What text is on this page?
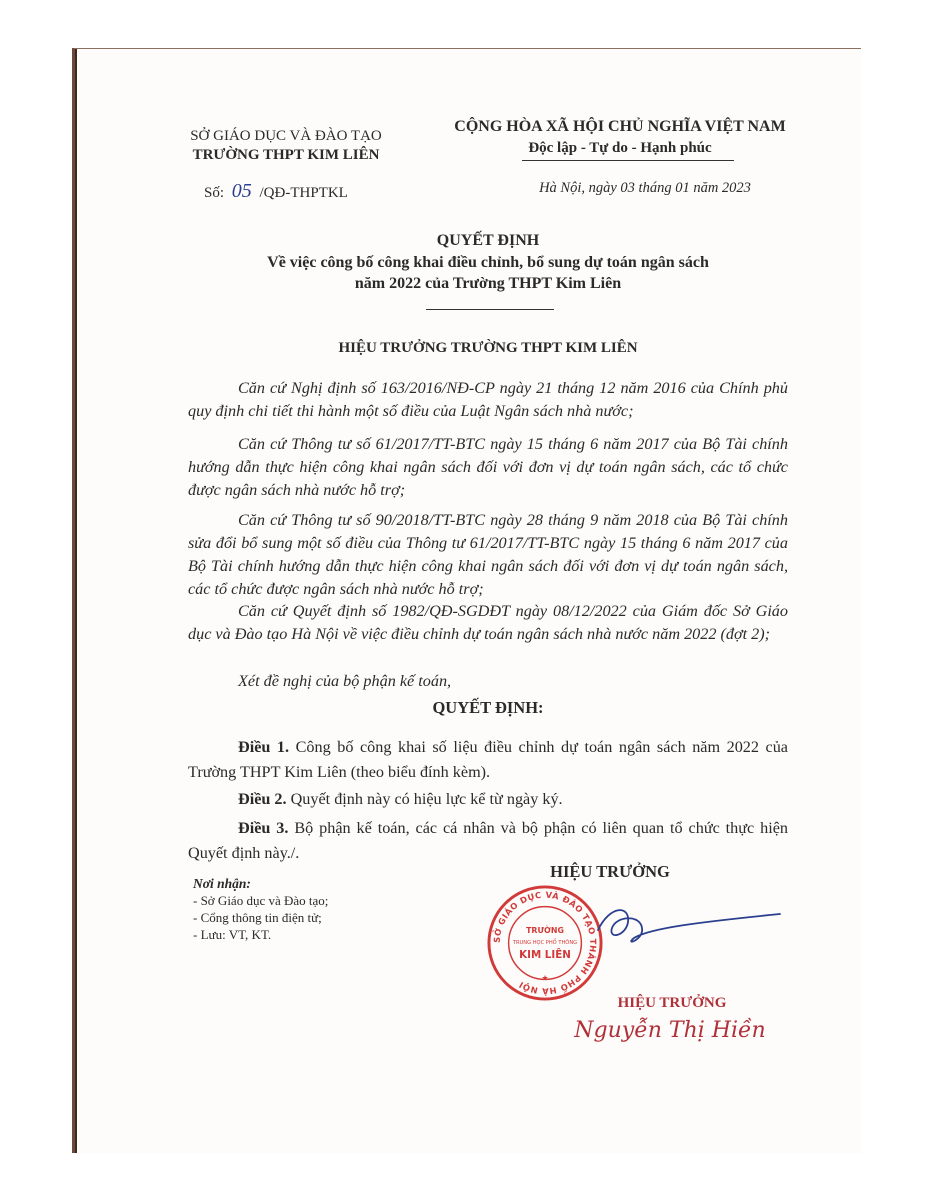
SỞ GIÁO DỤC VÀ ĐÀO TẠO
TRƯỜNG THPT KIM LIÊN
Số: 05 /QĐ-THPTKL
CỘNG HÒA XÃ HỘI CHỦ NGHĨA VIỆT NAM
Độc lập - Tự do - Hạnh phúc
Hà Nội, ngày 03 tháng 01 năm 2023
QUYẾT ĐỊNH
Về việc công bố công khai điều chỉnh, bổ sung dự toán ngân sách
năm 2022 của Trường THPT Kim Liên
HIỆU TRƯỞNG TRƯỜNG THPT KIM LIÊN
Căn cứ Nghị định số 163/2016/NĐ-CP ngày 21 tháng 12 năm 2016 của Chính phủ quy định chi tiết thi hành một số điều của Luật Ngân sách nhà nước;
Căn cứ Thông tư số 61/2017/TT-BTC ngày 15 tháng 6 năm 2017 của Bộ Tài chính hướng dẫn thực hiện công khai ngân sách đối với đơn vị dự toán ngân sách, các tổ chức được ngân sách nhà nước hỗ trợ;
Căn cứ Thông tư số 90/2018/TT-BTC ngày 28 tháng 9 năm 2018 của Bộ Tài chính sửa đổi bổ sung một số điều của Thông tư 61/2017/TT-BTC ngày 15 tháng 6 năm 2017 của Bộ Tài chính hướng dẫn thực hiện công khai ngân sách đối với đơn vị dự toán ngân sách, các tổ chức được ngân sách nhà nước hỗ trợ;
Căn cứ Quyết định số 1982/QĐ-SGDĐT ngày 08/12/2022 của Giám đốc Sở Giáo dục và Đào tạo Hà Nội về việc điều chỉnh dự toán ngân sách nhà nước năm 2022 (đợt 2);
Xét đề nghị của bộ phận kế toán,
QUYẾT ĐỊNH:
Điều 1. Công bố công khai số liệu điều chỉnh dự toán ngân sách năm 2022 của Trường THPT Kim Liên (theo biểu đính kèm).
Điều 2. Quyết định này có hiệu lực kể từ ngày ký.
Điều 3. Bộ phận kế toán, các cá nhân và bộ phận có liên quan tổ chức thực hiện Quyết định này./.
Nơi nhận:
- Sở Giáo dục và Đào tạo;
- Cổng thông tin điện tử;
- Lưu: VT, KT.
HIỆU TRƯỞNG
SỞ GIÁO DỤC VÀ ĐÀO TẠO THÀNH PHỐ HÀ NỘI
TRƯỜNG
TRUNG HỌC PHỔ THÔNG
KIM LIÊN
★
HIỆU TRƯỞNG
Nguyễn Thị Hiền
